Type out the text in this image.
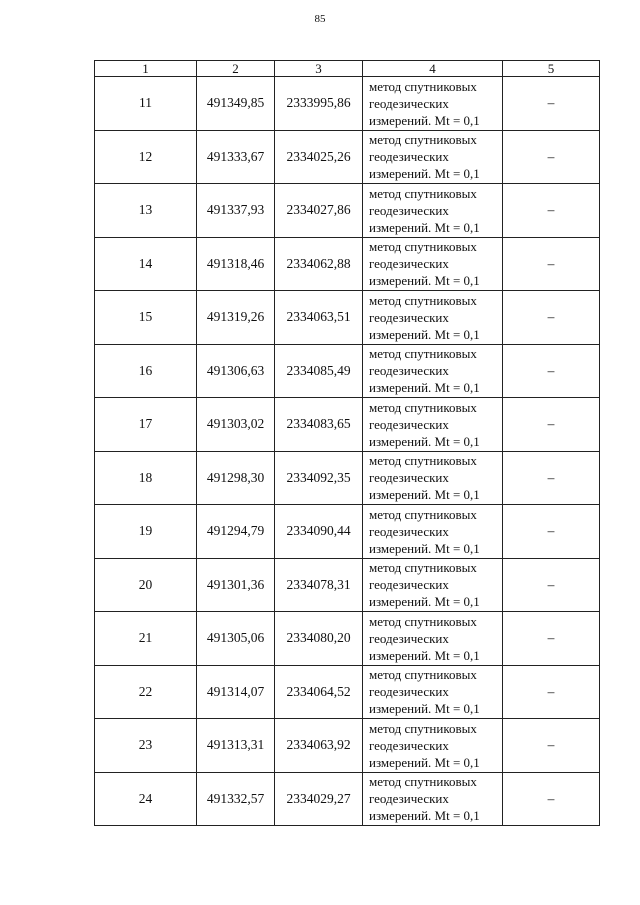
85
1	2	3	4	5
11	491349,85	2333995,86	метод спутниковых геодезических измерений. Mt = 0,1	–
12	491333,67	2334025,26	метод спутниковых геодезических измерений. Mt = 0,1	–
13	491337,93	2334027,86	метод спутниковых геодезических измерений. Mt = 0,1	–
14	491318,46	2334062,88	метод спутниковых геодезических измерений. Mt = 0,1	–
15	491319,26	2334063,51	метод спутниковых геодезических измерений. Mt = 0,1	–
16	491306,63	2334085,49	метод спутниковых геодезических измерений. Mt = 0,1	–
17	491303,02	2334083,65	метод спутниковых геодезических измерений. Mt = 0,1	–
18	491298,30	2334092,35	метод спутниковых геодезических измерений. Mt = 0,1	–
19	491294,79	2334090,44	метод спутниковых геодезических измерений. Mt = 0,1	–
20	491301,36	2334078,31	метод спутниковых геодезических измерений. Mt = 0,1	–
21	491305,06	2334080,20	метод спутниковых геодезических измерений. Mt = 0,1	–
22	491314,07	2334064,52	метод спутниковых геодезических измерений. Mt = 0,1	–
23	491313,31	2334063,92	метод спутниковых геодезических измерений. Mt = 0,1	–
24	491332,57	2334029,27	метод спутниковых геодезических измерений. Mt = 0,1	–
